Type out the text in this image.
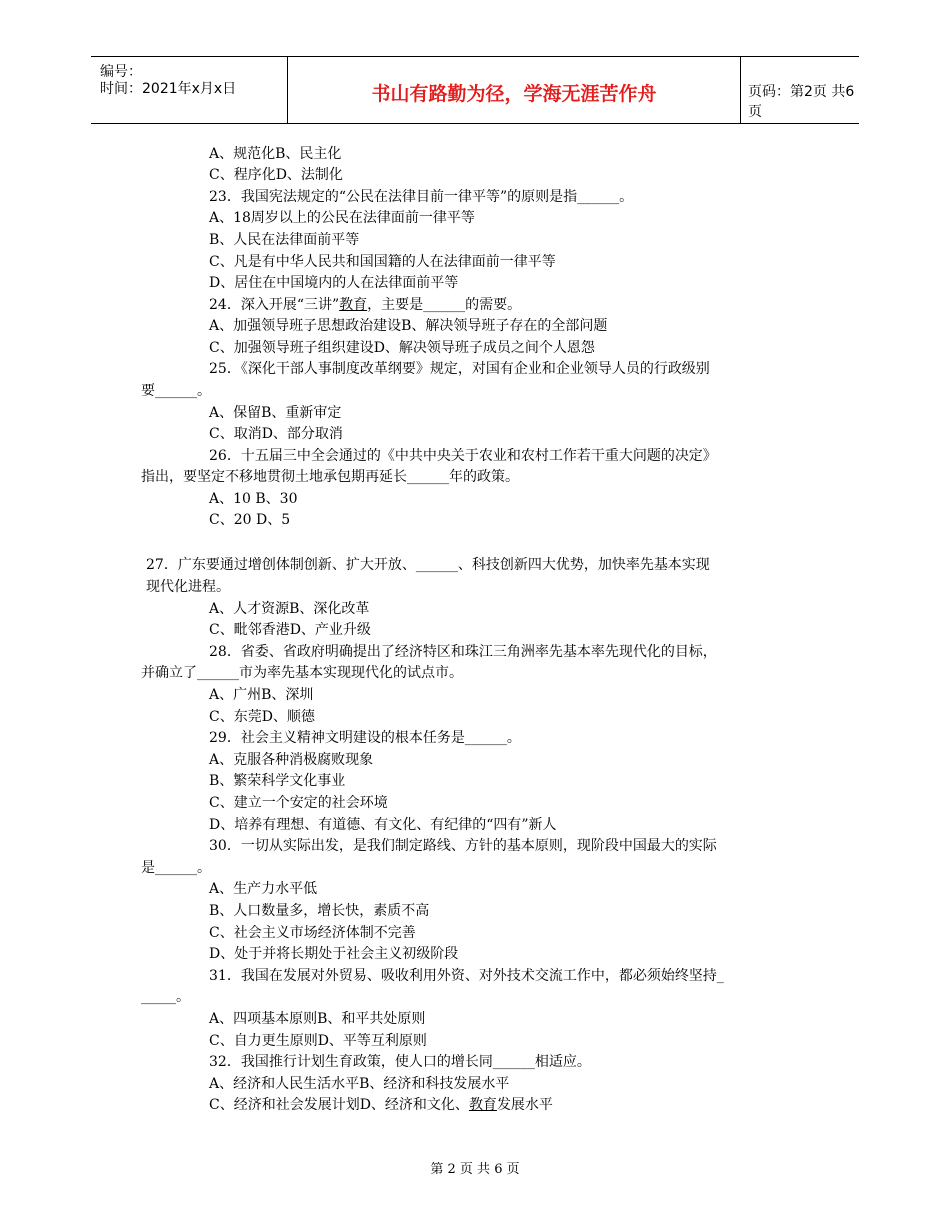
编号：
时间：2021年x月x日	书山有路勤为径，学海无涯苦作舟	页码：第2页 共6页
A、规范化B、民主化
C、程序化D、法制化
23．我国宪法规定的“公民在法律目前一律平等”的原则是指______。
A、18周岁以上的公民在法律面前一律平等
B、人民在法律面前平等
C、凡是有中华人民共和国国籍的人在法律面前一律平等
D、居住在中国境内的人在法律面前平等
24．深入开展“三讲”教育，主要是______的需要。
A、加强领导班子思想政治建设B、解决领导班子存在的全部问题
C、加强领导班子组织建设D、解决领导班子成员之间个人恩怨
25．《深化干部人事制度改革纲要》规定，对国有企业和企业领导人员的行政级别
要______。
A、保留B、重新审定
C、取消D、部分取消
26．十五届三中全会通过的《中共中央关于农业和农村工作若干重大问题的决定》
指出，要坚定不移地贯彻土地承包期再延长______年的政策。
A、10 B、30
C、20 D、5
27．广东要通过增创体制创新、扩大开放、______、科技创新四大优势，加快率先基本实现
现代化进程。
A、人才资源B、深化改革
C、毗邻香港D、产业升级
28．省委、省政府明确提出了经济特区和珠江三角洲率先基本率先现代化的目标，
并确立了______市为率先基本实现现代化的试点市。
A、广州B、深圳
C、东莞D、顺德
29．社会主义精神文明建设的根本任务是______。
A、克服各种消极腐败现象
B、繁荣科学文化事业
C、建立一个安定的社会环境
D、培养有理想、有道德、有文化、有纪律的“四有”新人
30．一切从实际出发，是我们制定路线、方针的基本原则，现阶段中国最大的实际
是______。
A、生产力水平低
B、人口数量多，增长快，素质不高
C、社会主义市场经济体制不完善
D、处于并将长期处于社会主义初级阶段
31．我国在发展对外贸易、吸收利用外资、对外技术交流工作中，都必须始终坚持_
_____。
A、四项基本原则B、和平共处原则
C、自力更生原则D、平等互利原则
32．我国推行计划生育政策，使人口的增长同______相适应。
A、经济和人民生活水平B、经济和科技发展水平
C、经济和社会发展计划D、经济和文化、教育发展水平
第 2 页 共 6 页
